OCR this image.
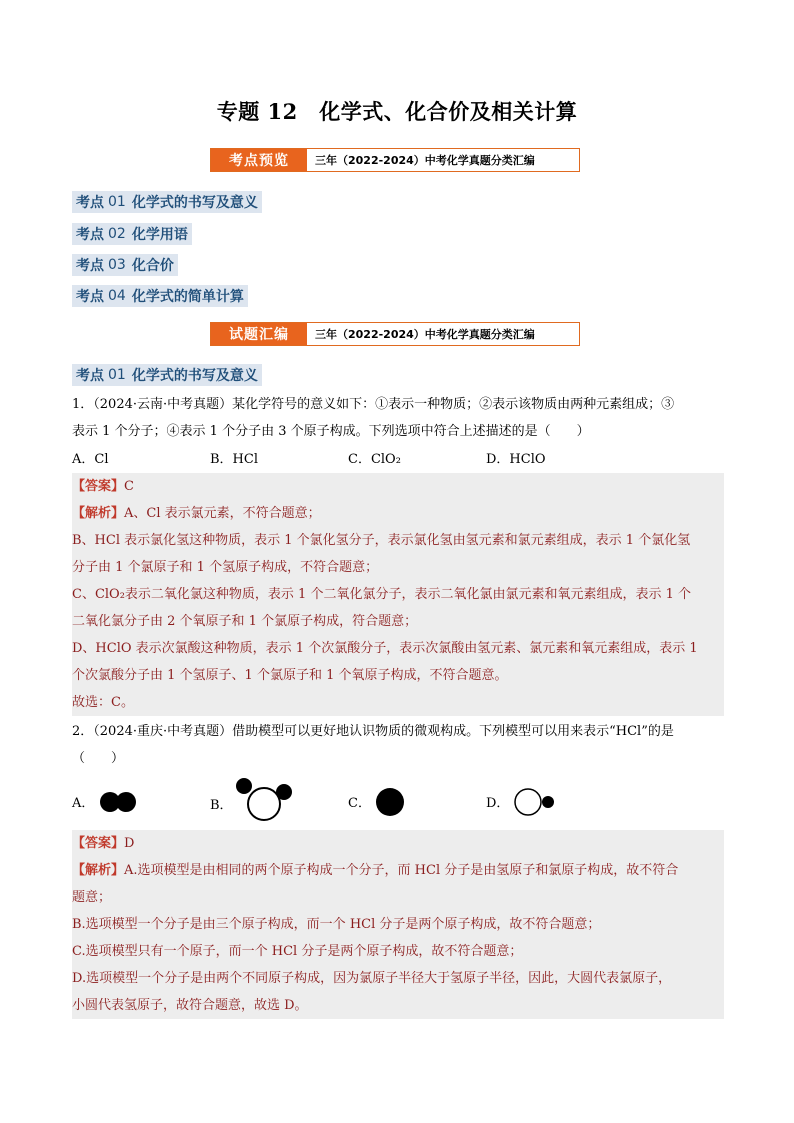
专题 12　化学式、化合价及相关计算
考点预览	三年（2022-2024）中考化学真题分类汇编
考点 01 化学式的书写及意义
考点 02 化学用语
考点 03 化合价
考点 04 化学式的简单计算
试题汇编	三年（2022-2024）中考化学真题分类汇编
考点 01 化学式的书写及意义
1．（2024·云南·中考真题）某化学符号的意义如下：①表示一种物质；②表示该物质由两种元素组成；③
表示 1 个分子；④表示 1 个分子由 3 个原子构成。下列选项中符合上述描述的是（　　）
A．Cl	B．HCl	C．ClO₂	D．HClO

【答案】C

【解析】A、Cl 表示氯元素，不符合题意；

B、HCl 表示氯化氢这种物质，表示 1 个氯化氢分子，表示氯化氢由氢元素和氯元素组成，表示 1 个氯化氢

分子由 1 个氯原子和 1 个氢原子构成，不符合题意；

C、ClO₂表示二氧化氯这种物质，表示 1 个二氧化氯分子，表示二氧化氯由氯元素和氧元素组成，表示 1 个

二氧化氯分子由 2 个氧原子和 1 个氯原子构成，符合题意；

D、HClO 表示次氯酸这种物质，表示 1 个次氯酸分子，表示次氯酸由氢元素、氯元素和氧元素组成，表示 1

个次氯酸分子由 1 个氢原子、1 个氯原子和 1 个氧原子构成，不符合题意。

故选：C。

2．（2024·重庆·中考真题）借助模型可以更好地认识物质的微观构成。下列模型可以用来表示“HCl”的是
（　　）
A．	B．	C．	D．

【答案】D

【解析】A.选项模型是由相同的两个原子构成一个分子，而 HCl 分子是由氢原子和氯原子构成，故不符合

题意；

B.选项模型一个分子是由三个原子构成，而一个 HCl 分子是两个原子构成，故不符合题意；

C.选项模型只有一个原子，而一个 HCl 分子是两个原子构成，故不符合题意；

D.选项模型一个分子是由两个不同原子构成，因为氯原子半径大于氢原子半径，因此，大圆代表氯原子，

小圆代表氢原子，故符合题意，故选 D。
